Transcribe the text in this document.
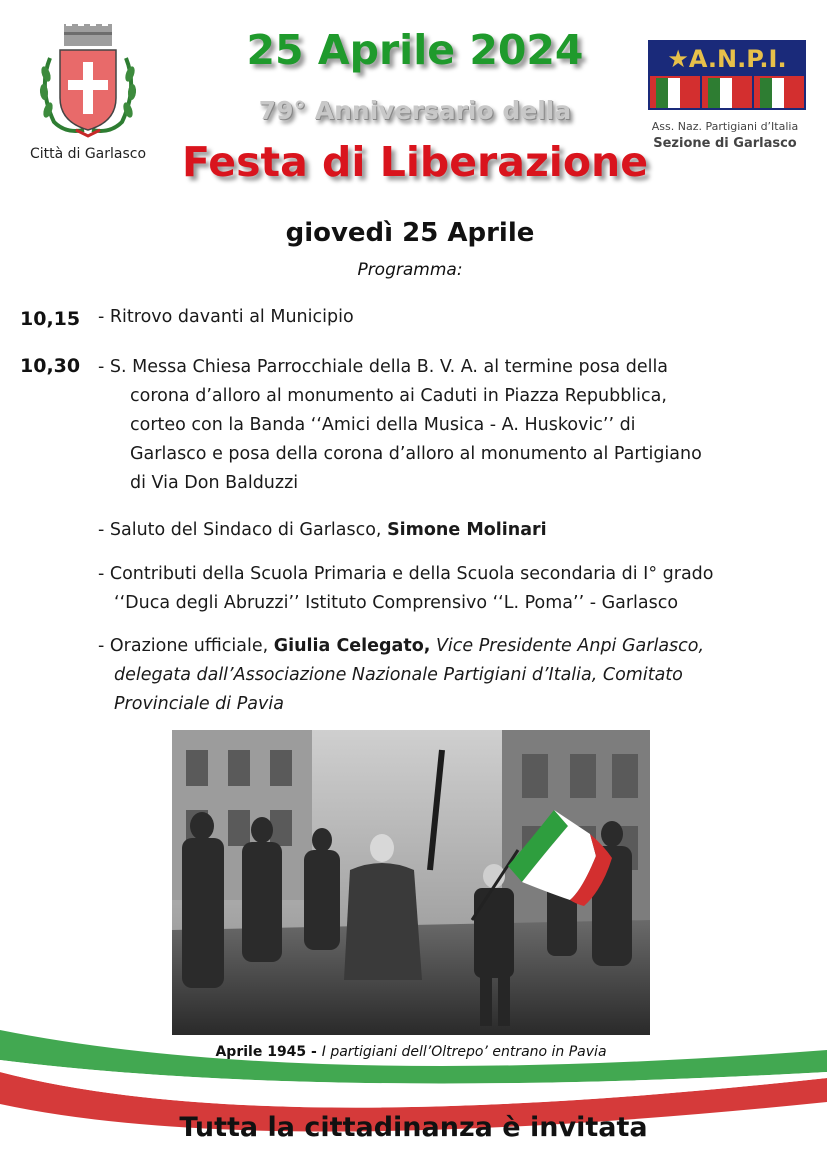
Città di Garlasco
25 Aprile 2024
79° Anniversario della
Festa di Liberazione
★A.N.P.I.
Ass. Naz. Partigiani d’Italia
Sezione di Garlasco
giovedì 25 Aprile
Programma:
10,15 - Ritrovo davanti al Municipio
10,30 - S. Messa Chiesa Parrocchiale della B. V. A. al termine posa della
corona d’alloro al monumento ai Caduti in Piazza Repubblica,
corteo con la Banda ‘‘Amici della Musica - A. Huskovic’’ di
Garlasco e posa della corona d’alloro al monumento al Partigiano
di Via Don Balduzzi
- Saluto del Sindaco di Garlasco, Simone Molinari
- Contributi della Scuola Primaria e della Scuola secondaria di I° grado
‘‘Duca degli Abruzzi’’ Istituto Comprensivo ‘‘L. Poma’’ - Garlasco
- Orazione ufficiale, Giulia Celegato, Vice Presidente Anpi Garlasco,
delegata dall’Associazione Nazionale Partigiani d’Italia, Comitato
Provinciale di Pavia
Aprile 1945 - I partigiani dell’Oltrepo’ entrano in Pavia
Tutta la cittadinanza è invitata
